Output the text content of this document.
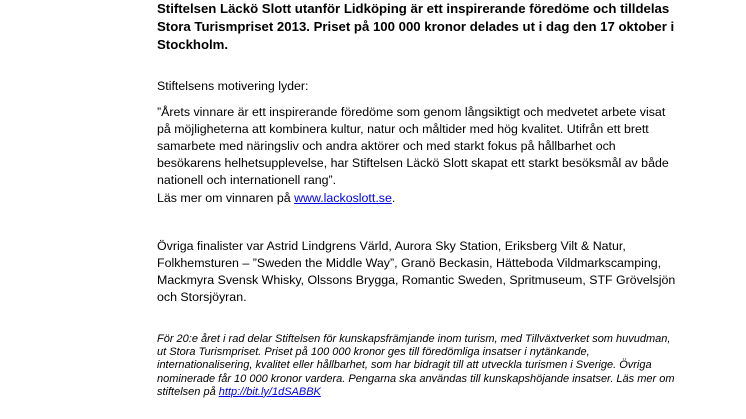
Stiftelsen Läckö Slott utanför Lidköping är ett inspirerande föredöme och tilldelas Stora Turismpriset 2013. Priset på 100 000 kronor delades ut i dag den 17 oktober i Stockholm.

Stiftelsens motivering lyder:

”Årets vinnare är ett inspirerande föredöme som genom långsiktigt och medvetet arbete visat på möjligheterna att kombinera kultur, natur och måltider med hög kvalitet. Utifrån ett brett samarbete med näringsliv och andra aktörer och med starkt fokus på hållbarhet och besökarens helhetsupplevelse, har Stiftelsen Läckö Slott skapat ett starkt besöksmål av både nationell och internationell rang”.

Läs mer om vinnaren på www.lackoslott.se.

Övriga finalister var Astrid Lindgrens Värld, Aurora Sky Station, Eriksberg Vilt & Natur, Folkhemsturen – ”Sweden the Middle Way”, Granö Beckasin, Hätteboda Vildmarkscamping, Mackmyra Svensk Whisky, Olssons Brygga, Romantic Sweden, Spritmuseum, STF Grövelsjön och Storsjöyran.

För 20:e året i rad delar Stiftelsen för kunskapsfrämjande inom turism, med Tillväxtverket som huvudman, ut Stora Turismpriset. Priset på 100 000 kronor ges till föredömliga insatser i nytänkande, internationalisering, kvalitet eller hållbarhet, som har bidragit till att utveckla turismen i Sverige. Övriga nominerade får 10 000 kronor vardera. Pengarna ska användas till kunskapshöjande insatser. Läs mer om stiftelsen på http://bit.ly/1dSABBK
